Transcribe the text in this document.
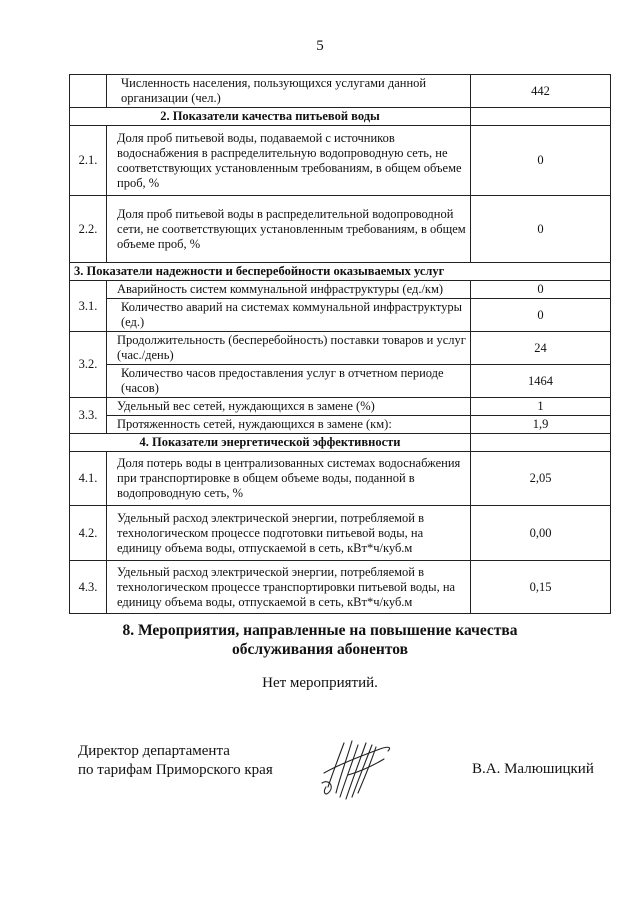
5
	Численность населения, пользующихся услугами данной организации (чел.)	442
2. Показатели качества питьевой воды		
2.1.	Доля проб питьевой воды, подаваемой с источников водоснабжения в распределительную водопроводную сеть, не соответствующих установленным требованиям, в общем объеме проб, %	0
2.2.	Доля проб питьевой воды в распределительной водопроводной сети, не соответствующих установленным требованиям, в общем объеме проб, %	0
3. Показатели надежности и бесперебойности оказываемых услуг		
3.1.	Аварийность систем коммунальной инфраструктуры (ед./км)	0
	Количество аварий на системах коммунальной инфраструктуры (ед.)	0
3.2.	Продолжительность (бесперебойность) поставки товаров и услуг (час./день)	24
	Количество часов предоставления услуг в отчетном периоде (часов)	1464
3.3.	Удельный вес сетей, нуждающихся в замене (%)	1
	Протяженность сетей, нуждающихся в замене (км):	1,9
4. Показатели энергетической эффективности		
4.1.	Доля потерь воды в централизованных системах водоснабжения при транспортировке в общем объеме воды, поданной в водопроводную сеть, %	2,05
4.2.	Удельный расход электрической энергии, потребляемой в технологическом процессе подготовки питьевой воды, на единицу объема воды, отпускаемой в сеть, кВт*ч/куб.м	0,00
4.3.	Удельный расход электрической энергии, потребляемой в технологическом процессе транспортировки питьевой воды, на единицу объема воды, отпускаемой в сеть, кВт*ч/куб.м	0,15
8. Мероприятия, направленные на повышение качества
обслуживания абонентов
Нет мероприятий.
Директор департамента
по тарифам Приморского края	В.А. Малюшицкий
